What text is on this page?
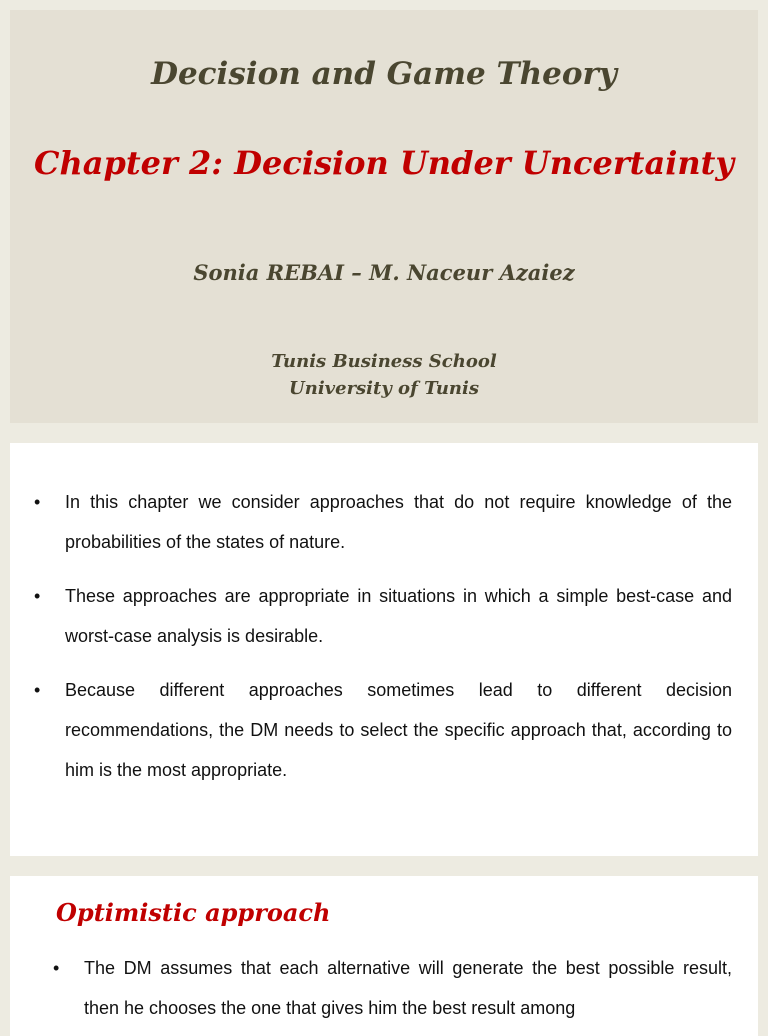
Decision and Game Theory
Chapter 2: Decision Under Uncertainty
Sonia REBAI – M. Naceur Azaiez
Tunis Business School
University of Tunis
• In this chapter we consider approaches that do not require knowledge of the probabilities of the states of nature.
• These approaches are appropriate in situations in which a simple best-case and worst-case analysis is desirable.
• Because different approaches sometimes lead to different decision recommendations, the DM needs to select the specific approach that, according to him is the most appropriate.
Optimistic approach
• The DM assumes that each alternative will generate the best possible result, then he chooses the one that gives him the best result among
